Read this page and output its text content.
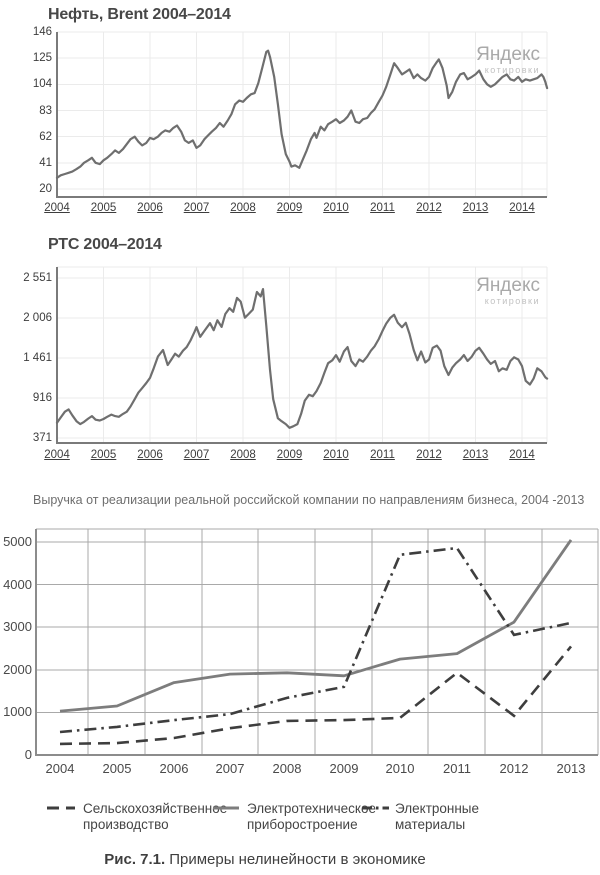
Нефть, Brent 2004–2014
Яндекс
котировки
РТС 2004–2014
Яндекс
котировки
Выручка от реализации реальной российской компании по направлениям бизнеса, 2004 -2013
146
125
104
83
62
41
20
2004	2005	2006	2007	2008	2009	2010	2011	2012	2013	2014
2 551
2 006
1 461
916
371
2004	2005	2006	2007	2008	2009	2010	2011	2012	2013	2014
5000
4000
3000
2000
1000
0
2004	2005	2006	2007	2008	2009	2010	2011	2012	2013
Сельскохозяйственное производство
Электротехническое приборостроение
Электронные материалы
Рис. 7.1. Примеры нелинейности в экономике
